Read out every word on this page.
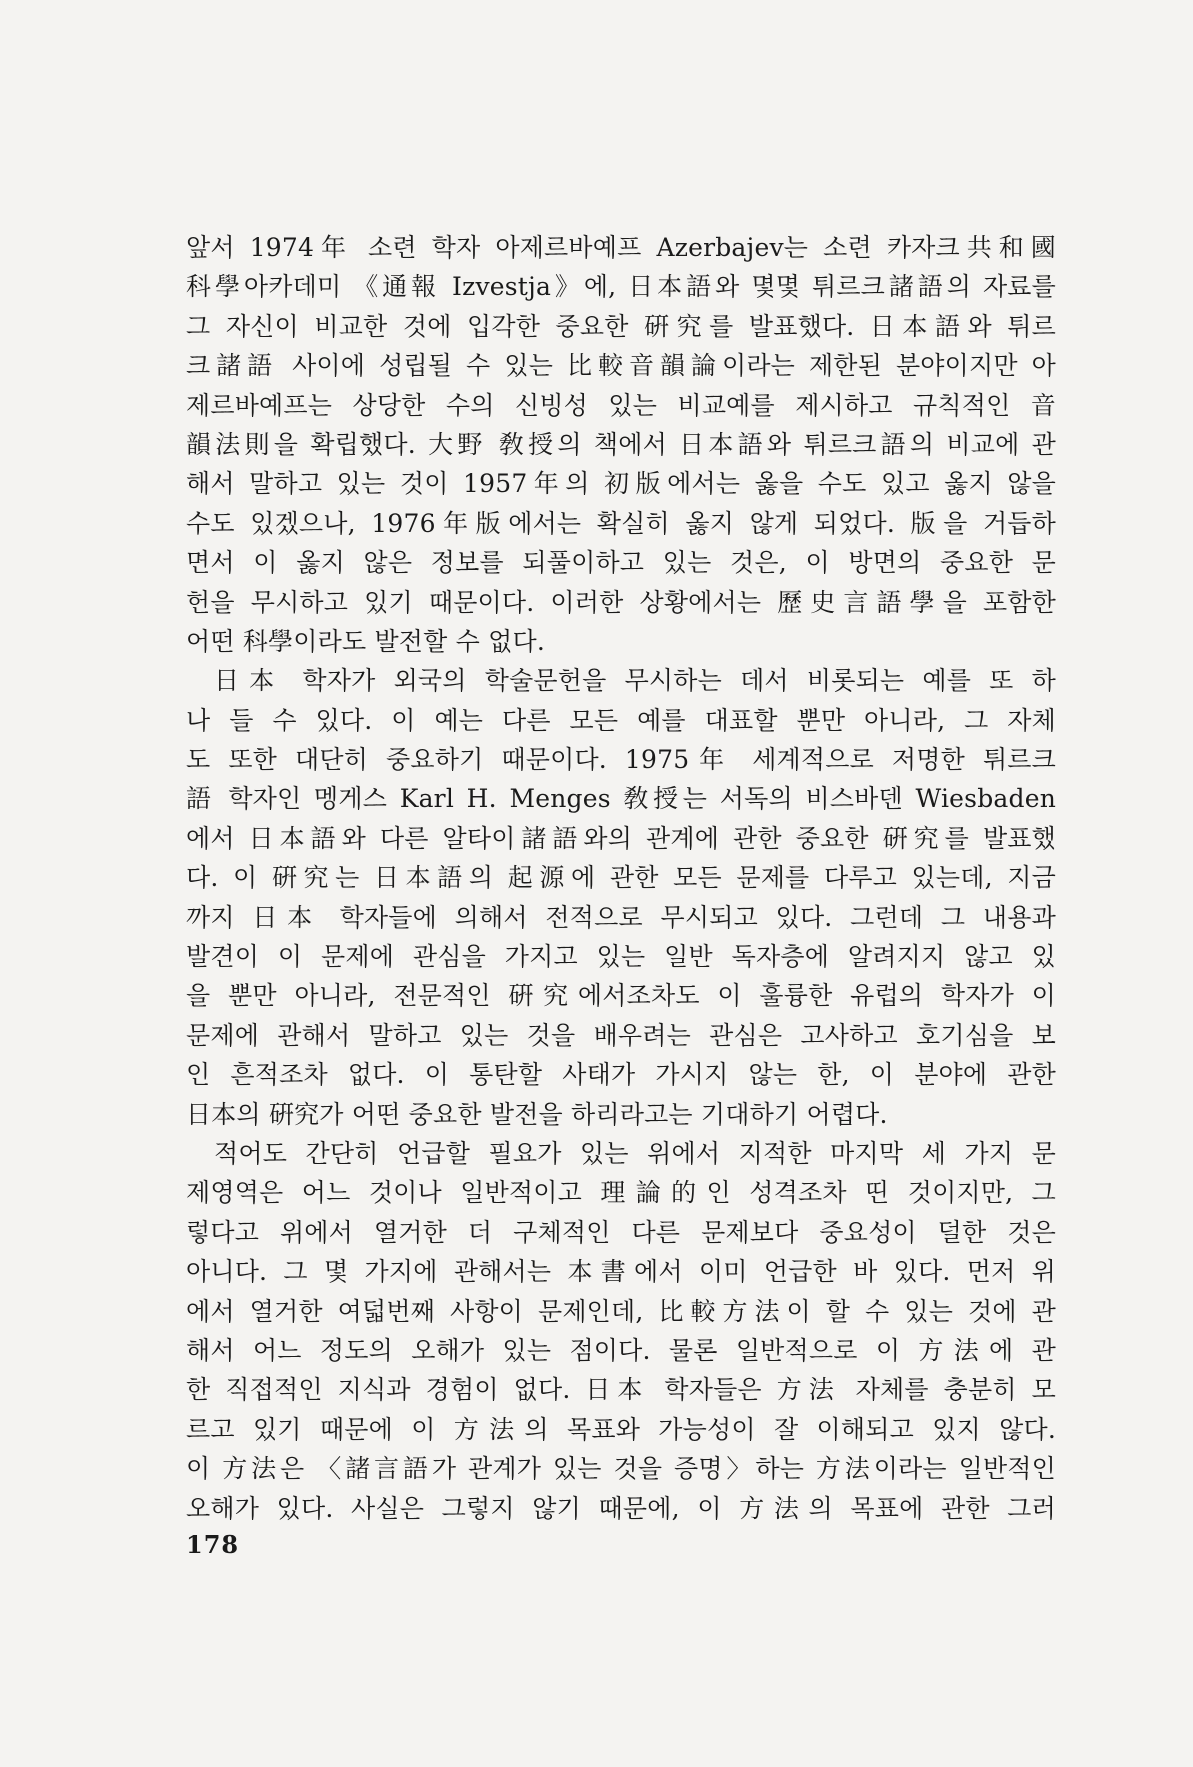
앞서 1974年 소련 학자 아제르바예프 Azerbajev는 소련 카자크共和國
科學아카데미 《通報 Izvestja》에, 日本語와 몇몇 튀르크諸語의 자료를
그 자신이 비교한 것에 입각한 중요한 硏究를 발표했다. 日本語와 튀르
크諸語 사이에 성립될 수 있는 比較音韻論이라는 제한된 분야이지만 아
제르바예프는 상당한 수의 신빙성 있는 비교예를 제시하고 규칙적인 音
韻法則을 확립했다. 大野 敎授의 책에서 日本語와 튀르크語의 비교에 관
해서 말하고 있는 것이 1957年의 初版에서는 옳을 수도 있고 옳지 않을
수도 있겠으나, 1976年版에서는 확실히 옳지 않게 되었다. 版을 거듭하
면서 이 옳지 않은 정보를 되풀이하고 있는 것은, 이 방면의 중요한 문
헌을 무시하고 있기 때문이다. 이러한 상황에서는 歷史言語學을 포함한
어떤 科學이라도 발전할 수 없다.
日本 학자가 외국의 학술문헌을 무시하는 데서 비롯되는 예를 또 하
나 들 수 있다. 이 예는 다른 모든 예를 대표할 뿐만 아니라, 그 자체
도 또한 대단히 중요하기 때문이다. 1975年 세계적으로 저명한 튀르크
語 학자인 멩게스 Karl H. Menges 敎授는 서독의 비스바덴 Wiesbaden
에서 日本語와 다른 알타이諸語와의 관계에 관한 중요한 硏究를 발표했
다. 이 硏究는 日本語의 起源에 관한 모든 문제를 다루고 있는데, 지금
까지 日本 학자들에 의해서 전적으로 무시되고 있다. 그런데 그 내용과
발견이 이 문제에 관심을 가지고 있는 일반 독자층에 알려지지 않고 있
을 뿐만 아니라, 전문적인 硏究에서조차도 이 훌륭한 유럽의 학자가 이
문제에 관해서 말하고 있는 것을 배우려는 관심은 고사하고 호기심을 보
인 흔적조차 없다. 이 통탄할 사태가 가시지 않는 한, 이 분야에 관한
日本의 硏究가 어떤 중요한 발전을 하리라고는 기대하기 어렵다.
적어도 간단히 언급할 필요가 있는 위에서 지적한 마지막 세 가지 문
제영역은 어느 것이나 일반적이고 理論的인 성격조차 띤 것이지만, 그
렇다고 위에서 열거한 더 구체적인 다른 문제보다 중요성이 덜한 것은
아니다. 그 몇 가지에 관해서는 本書에서 이미 언급한 바 있다. 먼저 위
에서 열거한 여덟번째 사항이 문제인데, 比較方法이 할 수 있는 것에 관
해서 어느 정도의 오해가 있는 점이다. 물론 일반적으로 이 方法에 관
한 직접적인 지식과 경험이 없다. 日本 학자들은 方法 자체를 충분히 모
르고 있기 때문에 이 方法의 목표와 가능성이 잘 이해되고 있지 않다.
이 方法은 〈諸言語가 관계가 있는 것을 증명〉하는 方法이라는 일반적인
오해가 있다. 사실은 그렇지 않기 때문에, 이 方法의 목표에 관한 그러
178
